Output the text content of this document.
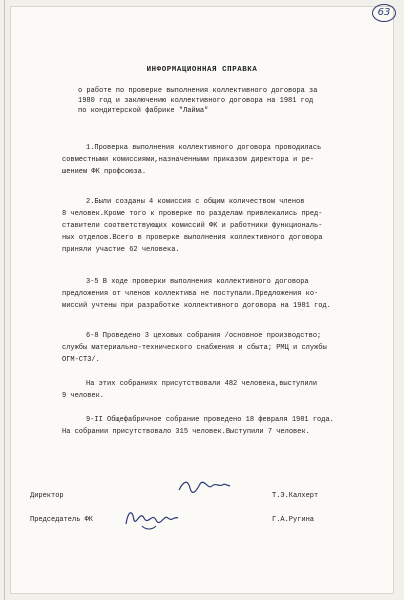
63
ИНФОРМАЦИОННАЯ СПРАВКА
о работе по проверке выполнения коллективного договора за
1980 год и заключению коллективного договора на 1981 год
по кондитерской фабрике "Лайма"
1.Проверка выполнения коллективного договора проводилась
совместными комиссиями,назначенными приказом директора и ре-
шением ФК профсоюза.
2.Были созданы 4 комиссия с общим количеством членов
8 человек.Кроме того к проверке по разделам привлекались пред-
ставители соответствующих комиссий ФК и работники функциональ-
ных отделов.Всего в проверке выполнения коллективного договора
приняли участие 62 человека.
3-5 В ходе проверки выполнения коллективного договора
предложения от членов коллектива не поступали.Предложения ко-
миссий учтены при разработке коллективного договора на 1981 год.
6-8 Проведено 3 цеховых собрания /основное производство;
службы материально-технического снабжения и сбыта; РМЦ и службы
ОГМ-СТЗ/.
На этих собраниях присутствовали 482 человека,выступили
9 человек.
9-II Общефабричное собрание проведено 18 февраля 1981 года.
На собрании присутствовало 315 человек.Выступили 7 человек.
Директор	Т.Э.Калхерт
Председатель ФК	Г.А.Ругина
